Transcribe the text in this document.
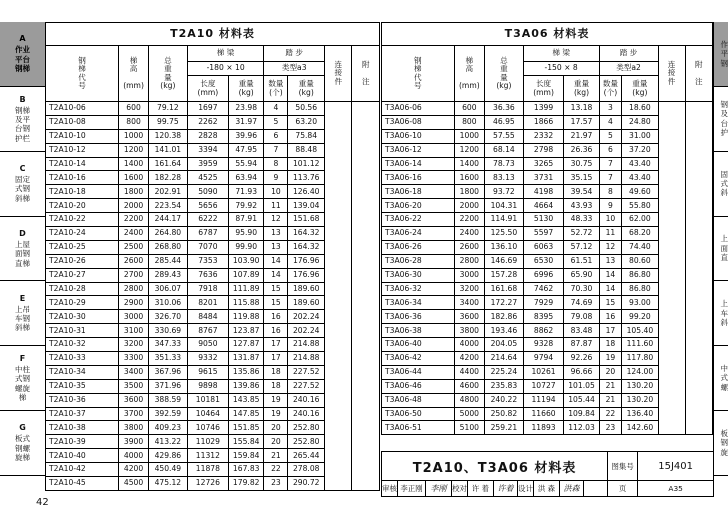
A
作业
平台
钢梯
B
钢梯
及平
台钢
护栏
C
固定
式钢
斜梯
D
上屋
面钢
直梯
E
上吊
车钢
斜梯
F
中柱
式钢
螺旋
梯
G
板式
钢螺
旋梯
作
平
钢
钢
及
台
护
固
式
斜
上
面
直
上
车
斜
中
式
螺
板
钢
旋
T2A10 材料表								
钢
梯
代
号	梯
高

(mm)	总
重
量
(kg)	梯 梁		踏 步		连
接
件	附

注
			-180 × 10		类型a3			
			长度
(mm)	重量
(kg)	数量
(个)	重量
(kg)		
T2A10-06	600	79.12	1697	23.98	4	50.56	

T2A10-08	800	99.75	2262	31.97	5	63.20		
T2A10-10	1000	120.38	2828	39.96	6	75.84		
T2A10-12	1200	141.01	3394	47.95	7	88.48		
T2A10-14	1400	161.64	3959	55.94	8	101.12		
T2A10-16	1600	182.28	4525	63.94	9	113.76		
T2A10-18	1800	202.91	5090	71.93	10	126.40		
T2A10-20	2000	223.54	5656	79.92	11	139.04		
T2A10-22	2200	244.17	6222	87.91	12	151.68		
T2A10-24	2400	264.80	6787	95.90	13	164.32		
T2A10-25	2500	268.80	7070	99.90	13	164.32		
T2A10-26	2600	285.44	7353	103.90	14	176.96		
T2A10-27	2700	289.43	7636	107.89	14	176.96		
T2A10-28	2800	306.07	7918	111.89	15	189.60		
T2A10-29	2900	310.06	8201	115.88	15	189.60		
T2A10-30	3000	326.70	8484	119.88	16	202.24		
T2A10-31	3100	330.69	8767	123.87	16	202.24		
T2A10-32	3200	347.33	9050	127.87	17	214.88		
T2A10-33	3300	351.33	9332	131.87	17	214.88		
T2A10-34	3400	367.96	9615	135.86	18	227.52		
T2A10-35	3500	371.96	9898	139.86	18	227.52		
T2A10-36	3600	388.59	10181	143.85	19	240.16		
T2A10-37	3700	392.59	10464	147.85	19	240.16		
T2A10-38	3800	409.23	10746	151.85	20	252.80		
T2A10-39	3900	413.22	11029	155.84	20	252.80		
T2A10-40	4000	429.86	11312	159.84	21	265.44		
T2A10-42	4200	450.49	11878	167.83	22	278.08		
T2A10-45	4500	475.12	12726	179.82	23	290.72		
T3A06 材料表								
钢
梯
代
号	梯
高

(mm)	总
重
量
(kg)	梯 梁		踏 步		连
接
件	附

注
			-150 × 8		类型a2			
			长度
(mm)	重量
(kg)	数量
(个)	重量
(kg)		
T3A06-06	600	36.36	1399	13.18	3	18.60	

T3A06-08	800	46.95	1866	17.57	4	24.80		
T3A06-10	1000	57.55	2332	21.97	5	31.00		
T3A06-12	1200	68.14	2798	26.36	6	37.20		
T3A06-14	1400	78.73	3265	30.75	7	43.40		
T3A06-16	1600	83.13	3731	35.15	7	43.40		
T3A06-18	1800	93.72	4198	39.54	8	49.60		
T3A06-20	2000	104.31	4664	43.93	9	55.80		
T3A06-22	2200	114.91	5130	48.33	10	62.00		
T3A06-24	2400	125.50	5597	52.72	11	68.20		
T3A06-26	2600	136.10	6063	57.12	12	74.40		
T3A06-28	2800	146.69	6530	61.51	13	80.60		
T3A06-30	3000	157.28	6996	65.90	14	86.80		
T3A06-32	3200	161.68	7462	70.30	14	86.80		
T3A06-34	3400	172.27	7929	74.69	15	93.00		
T3A06-36	3600	182.86	8395	79.08	16	99.20		
T3A06-38	3800	193.46	8862	83.48	17	105.40		
T3A06-40	4000	204.05	9328	87.87	18	111.60		
T3A06-42	4200	214.64	9794	92.26	19	117.80		
T3A06-44	4400	225.24	10261	96.66	20	124.00		
T3A06-46	4600	235.83	10727	101.05	21	130.20		
T3A06-48	4800	240.22	11194	105.44	21	130.20		
T3A06-50	5000	250.82	11660	109.84	22	136.40		
T3A06-51	5100	259.21	11893	112.03	23	142.60		
T2A10、T3A06 材料表										图集号	15J401
审核	李正刚	李刚	校对	许 着	许着	设计	洪 森	洪森		页	A35
42
